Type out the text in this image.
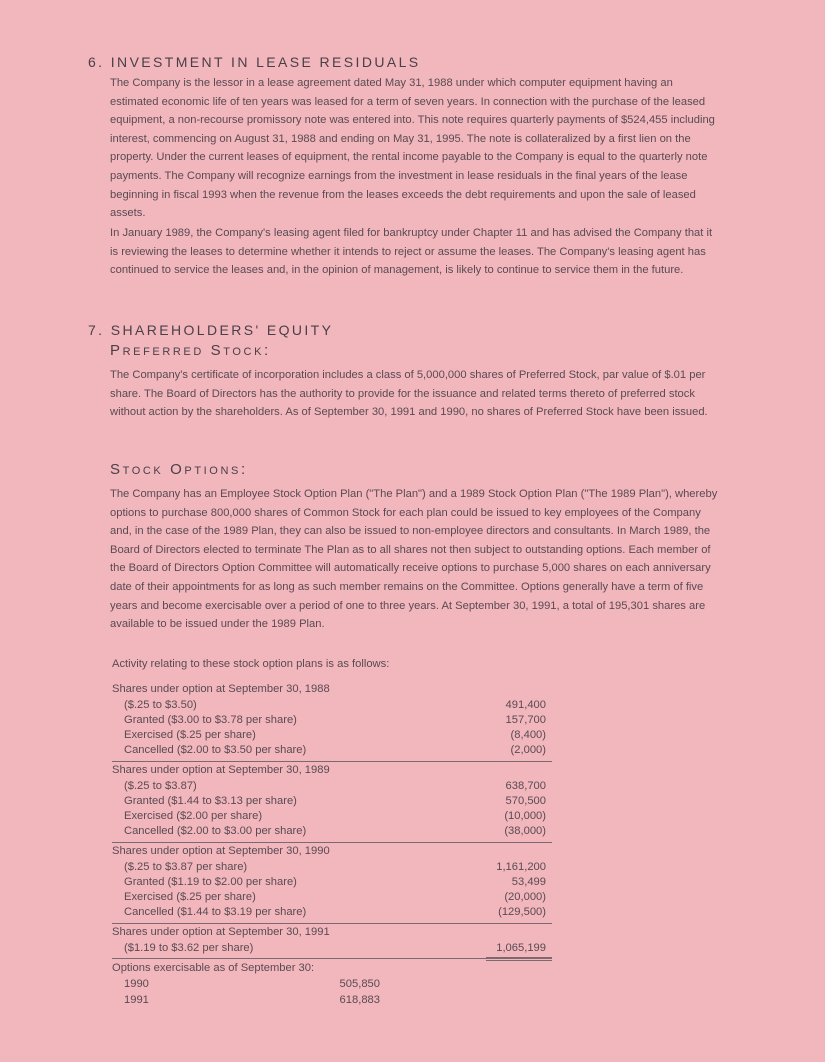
6. INVESTMENT IN LEASE RESIDUALS

The Company is the lessor in a lease agreement dated May 31, 1988 under which computer equipment having an estimated economic life of ten years was leased for a term of seven years. In connection with the purchase of the leased equipment, a non-recourse promissory note was entered into. This note requires quarterly payments of $524,455 including interest, commencing on August 31, 1988 and ending on May 31, 1995. The note is collateralized by a first lien on the property. Under the current leases of equipment, the rental income payable to the Company is equal to the quarterly note payments. The Company will recognize earnings from the investment in lease residuals in the final years of the lease beginning in fiscal 1993 when the revenue from the leases exceeds the debt requirements and upon the sale of leased assets.

In January 1989, the Company's leasing agent filed for bankruptcy under Chapter 11 and has advised the Company that it is reviewing the leases to determine whether it intends to reject or assume the leases. The Company's leasing agent has continued to service the leases and, in the opinion of management, is likely to continue to service them in the future.

7. SHAREHOLDERS' EQUITY
Preferred Stock:

The Company's certificate of incorporation includes a class of 5,000,000 shares of Preferred Stock, par value of $.01 per share. The Board of Directors has the authority to provide for the issuance and related terms thereto of preferred stock without action by the shareholders. As of September 30, 1991 and 1990, no shares of Preferred Stock have been issued.

Stock Options:

The Company has an Employee Stock Option Plan ("The Plan") and a 1989 Stock Option Plan ("The 1989 Plan"), whereby options to purchase 800,000 shares of Common Stock for each plan could be issued to key employees of the Company and, in the case of the 1989 Plan, they can also be issued to non-employee directors and consultants. In March 1989, the Board of Directors elected to terminate The Plan as to all shares not then subject to outstanding options. Each member of the Board of Directors Option Committee will automatically receive options to purchase 5,000 shares on each anniversary date of their appointments for as long as such member remains on the Committee. Options generally have a term of five years and become exercisable over a period of one to three years. At September 30, 1991, a total of 195,301 shares are available to be issued under the 1989 Plan.

Activity relating to these stock option plans is as follows:
Shares under option at September 30, 1988
($.25 to $3.50)	491,400
Granted ($3.00 to $3.78 per share)	157,700
Exercised ($.25 per share)	(8,400)
Cancelled ($2.00 to $3.50 per share)	(2,000)
Shares under option at September 30, 1989
($.25 to $3.87)	638,700
Granted ($1.44 to $3.13 per share)	570,500
Exercised ($2.00 per share)	(10,000)
Cancelled ($2.00 to $3.00 per share)	(38,000)
Shares under option at September 30, 1990
($.25 to $3.87 per share)	1,161,200
Granted ($1.19 to $2.00 per share)	53,499
Exercised ($.25 per share)	(20,000)
Cancelled ($1.44 to $3.19 per share)	(129,500)
Shares under option at September 30, 1991
($1.19 to $3.62 per share)	1,065,199
Options exercisable as of September 30:
1990	505,850
1991	618,883
